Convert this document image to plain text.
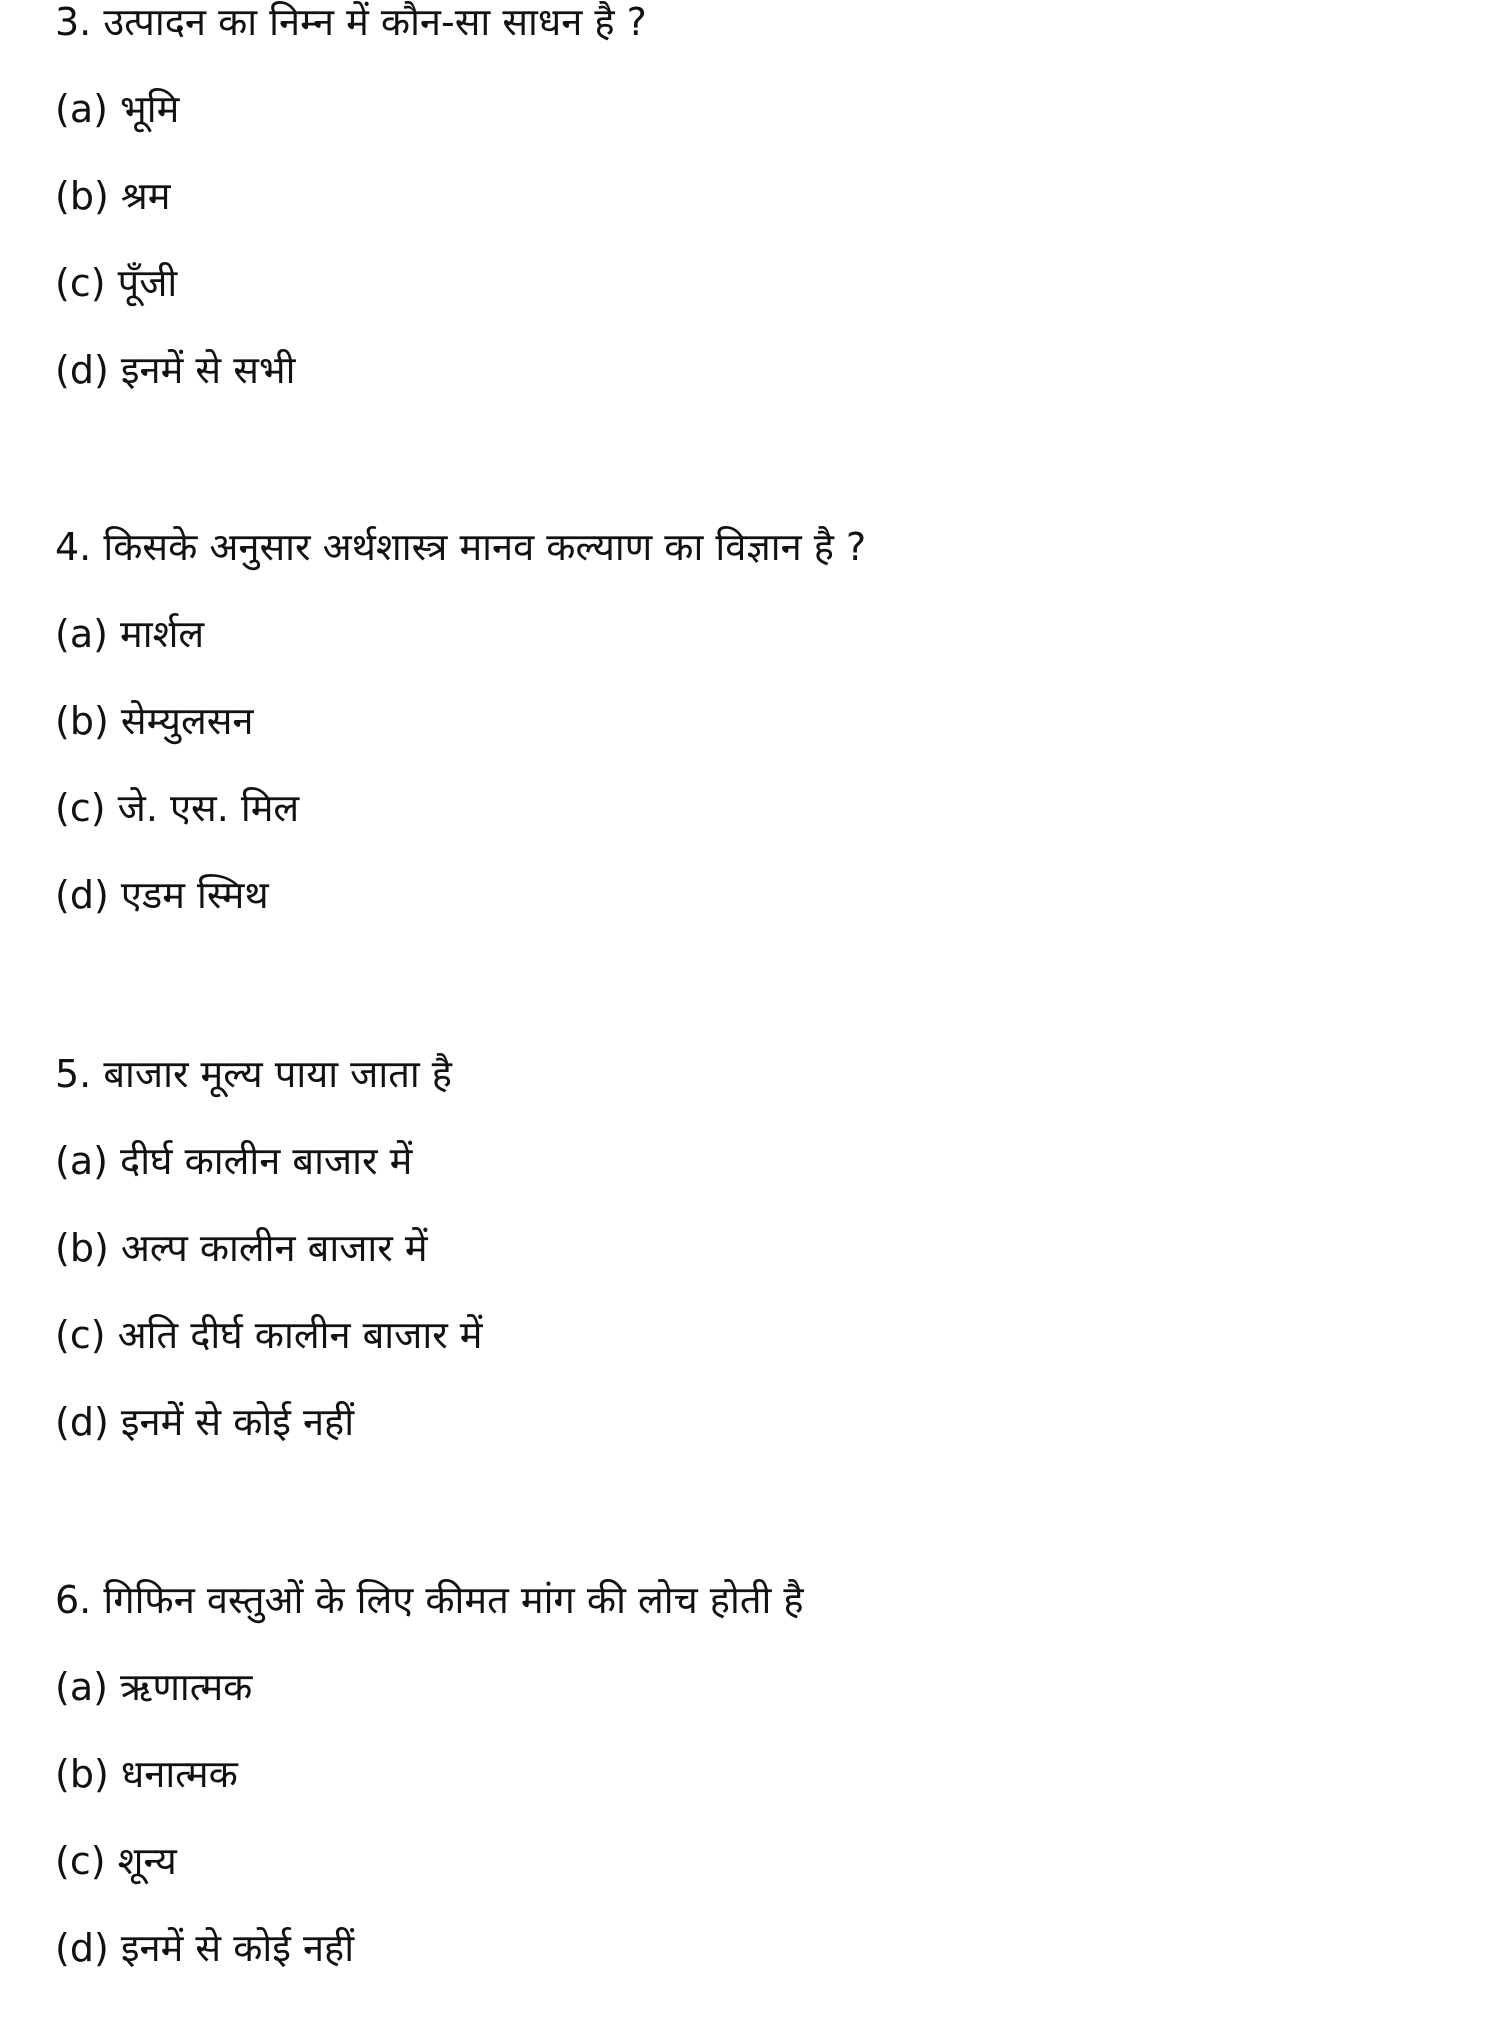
3. उत्पादन का निम्न में कौन-सा साधन है ?
(a) भूमि
(b) श्रम
(c) पूँजी
(d) इनमें से सभी
4. किसके अनुसार अर्थशास्त्र मानव कल्याण का विज्ञान है ?
(a) मार्शल
(b) सेम्युलसन
(c) जे. एस. मिल
(d) एडम स्मिथ
5. बाजार मूल्य पाया जाता है
(a) दीर्घ कालीन बाजार में
(b) अल्प कालीन बाजार में
(c) अति दीर्घ कालीन बाजार में
(d) इनमें से कोई नहीं
6. गिफिन वस्तुओं के लिए कीमत मांग की लोच होती है
(a) ऋणात्मक
(b) धनात्मक
(c) शून्य
(d) इनमें से कोई नहीं
